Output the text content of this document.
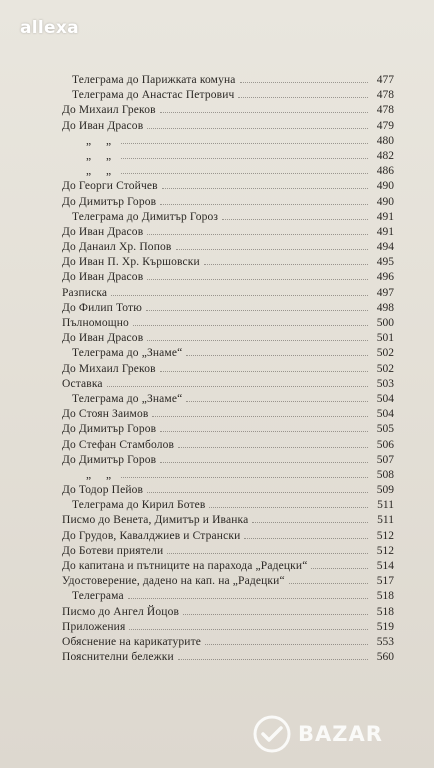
allexa
Телеграма до Парижката комуна	477
Телеграма до Анастас Петрович	478
До Михаил Греков	478
До Иван Драсов	479
„ „	480
„ „	482
„ „	486
До Георги Стойчев	490
До Димитър Горов	490
Телеграма до Димитър Гороз	491
До Иван Драсов	491
До Данаил Хр. Попов	494
До Иван П. Хр. Кършовски	495
До Иван Драсов	496
Разписка	497
До Филип Тотю	498
Пълномощно	500
До Иван Драсов	501
Телеграма до „Знаме“	502
До Михаил Греков	502
Оставка	503
Телеграма до „Знаме“	504
До Стоян Заимов	504
До Димитър Горов	505
До Стефан Стамболов	506
До Димитър Горов	507
„ „	508
До Тодор Пейов	509
Телеграма до Кирил Ботев	511
Писмо до Венета, Димитър и Иванка	511
До Грудов, Кавалджиев и Странски	512
До Ботеви приятели	512
До капитана и пътниците на парахода „Радецки“	514
Удостоверение, дадено на кап. на „Радецки“	517
Телеграма	518
Писмо до Ангел Йоцов	518
Приложения	519
Обяснение на карикатурите	553
Пояснителни бележки	560
BAZAR
